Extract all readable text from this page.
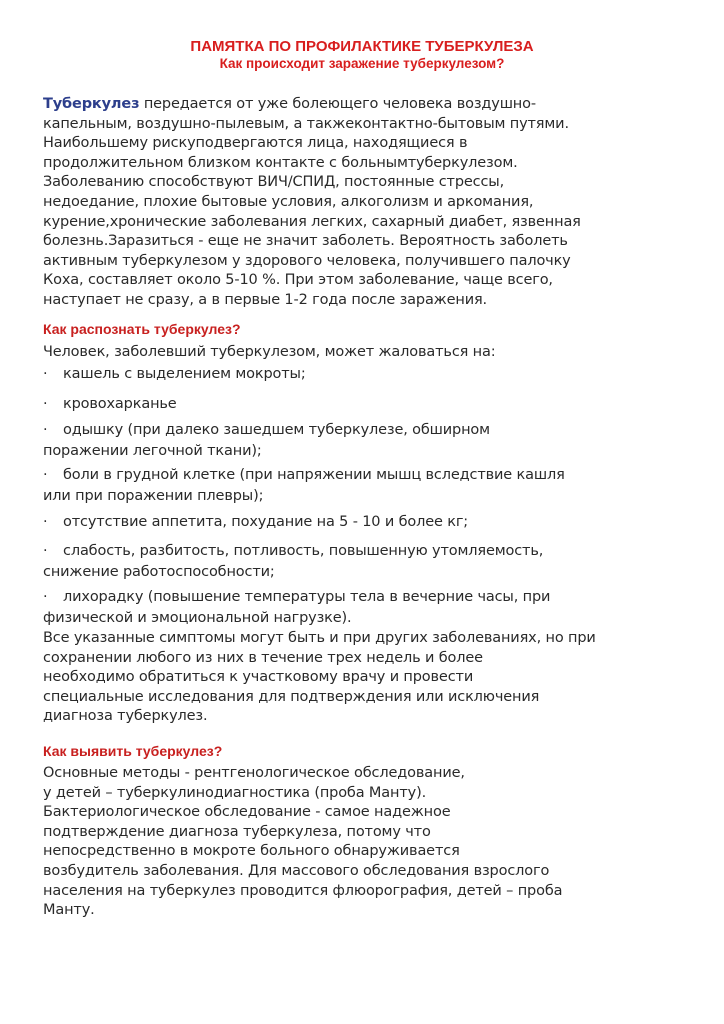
ПАМЯТКА ПО ПРОФИЛАКТИКЕ ТУБЕРКУЛЕЗА
Как происходит заражение туберкулезом?
Туберкулез передается от уже болеющего человека воздушно-
капельным, воздушно-пылевым, а такжеконтактно-бытовым путями.
Наибольшему рискуподвергаются лица, находящиеся в
продолжительном близком контакте с больнымтуберкулезом.
Заболеванию способствуют ВИЧ/СПИД, постоянные стрессы,
недоедание, плохие бытовые условия, алкоголизм и аркомания,
курение,хронические заболевания легких, сахарный диабет, язвенная
болезнь.Заразиться - еще не значит заболеть. Вероятность заболеть
активным туберкулезом у здорового человека, получившего палочку
Коха, составляет около 5-10 %. При этом заболевание, чаще всего,
наступает не сразу, а в первые 1-2 года после заражения.
Как распознать туберкулез?
Человек, заболевший туберкулезом, может жаловаться на:
· кашель с выделением мокроты;
· кровохарканье
· одышку (при далеко зашедшем туберкулезе, обширном
поражении легочной ткани);
· боли в грудной клетке (при напряжении мышц вследствие кашля
или при поражении плевры);
· отсутствие аппетита, похудание на 5 - 10 и более кг;
· слабость, разбитость, потливость, повышенную утомляемость,
снижение работоспособности;
· лихорадку (повышение температуры тела в вечерние часы, при
физической и эмоциональной нагрузке).
Все указанные симптомы могут быть и при других заболеваниях, но при
сохранении любого из них в течение трех недель и более
необходимо обратиться к участковому врачу и провести
специальные исследования для подтверждения или исключения
диагноза туберкулез.
Как выявить туберкулез?
Основные методы - рентгенологическое обследование,
у детей – туберкулинодиагностика (проба Манту).
Бактериологическое обследование - самое надежное
подтверждение диагноза туберкулеза, потому что
непосредственно в мокроте больного обнаруживается
возбудитель заболевания. Для массового обследования взрослого
населения на туберкулез проводится флюорография, детей – проба
Манту.
